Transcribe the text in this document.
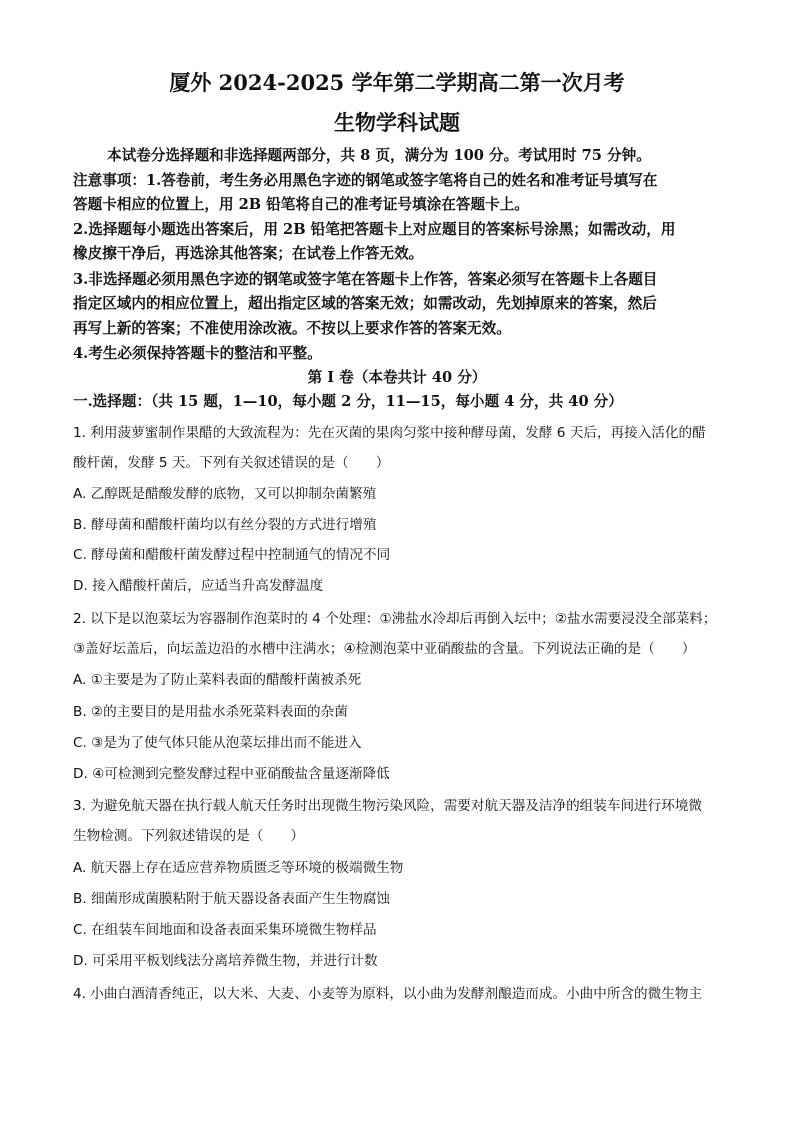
厦外 2024-2025 学年第二学期高二第一次月考
生物学科试题
本试卷分选择题和非选择题两部分，共 8 页，满分为 100 分。考试用时 75 分钟。
注意事项：1.答卷前，考生务必用黑色字迹的钢笔或签字笔将自己的姓名和准考证号填写在
答题卡相应的位置上，用 2B 铅笔将自己的准考证号填涂在答题卡上。
2.选择题每小题选出答案后，用 2B 铅笔把答题卡上对应题目的答案标号涂黑；如需改动，用
橡皮擦干净后，再选涂其他答案；在试卷上作答无效。
3.非选择题必须用黑色字迹的钢笔或签字笔在答题卡上作答，答案必须写在答题卡上各题目
指定区域内的相应位置上，超出指定区域的答案无效；如需改动，先划掉原来的答案，然后
再写上新的答案；不准使用涂改液。不按以上要求作答的答案无效。
4.考生必须保持答题卡的整洁和平整。
第 I 卷（本卷共计 40 分）
一.选择题：（共 15 题，1—10，每小题 2 分，11—15，每小题 4 分，共 40 分）
1. 利用菠萝蜜制作果醋的大致流程为：先在灭菌的果肉匀浆中接种酵母菌，发酵 6 天后，再接入活化的醋
酸杆菌，发酵 5 天。下列有关叙述错误的是（　　）
A. 乙醇既是醋酸发酵的底物，又可以抑制杂菌繁殖
B. 酵母菌和醋酸杆菌均以有丝分裂的方式进行增殖
C. 酵母菌和醋酸杆菌发酵过程中控制通气的情况不同
D. 接入醋酸杆菌后，应适当升高发酵温度
2. 以下是以泡菜坛为容器制作泡菜时的 4 个处理：①沸盐水冷却后再倒入坛中；②盐水需要浸没全部菜料；
③盖好坛盖后，向坛盖边沿的水槽中注满水；④检测泡菜中亚硝酸盐的含量。下列说法正确的是（　　）
A. ①主要是为了防止菜料表面的醋酸杆菌被杀死
B. ②的主要目的是用盐水杀死菜料表面的杂菌
C. ③是为了使气体只能从泡菜坛排出而不能进入
D. ④可检测到完整发酵过程中亚硝酸盐含量逐渐降低
3. 为避免航天器在执行载人航天任务时出现微生物污染风险，需要对航天器及洁净的组装车间进行环境微
生物检测。下列叙述错误的是（　　）
A. 航天器上存在适应营养物质匮乏等环境的极端微生物
B. 细菌形成菌膜粘附于航天器设备表面产生生物腐蚀
C. 在组装车间地面和设备表面采集环境微生物样品
D. 可采用平板划线法分离培养微生物，并进行计数
4. 小曲白酒清香纯正，以大米、大麦、小麦等为原料，以小曲为发酵剂酿造而成。小曲中所含的微生物主
